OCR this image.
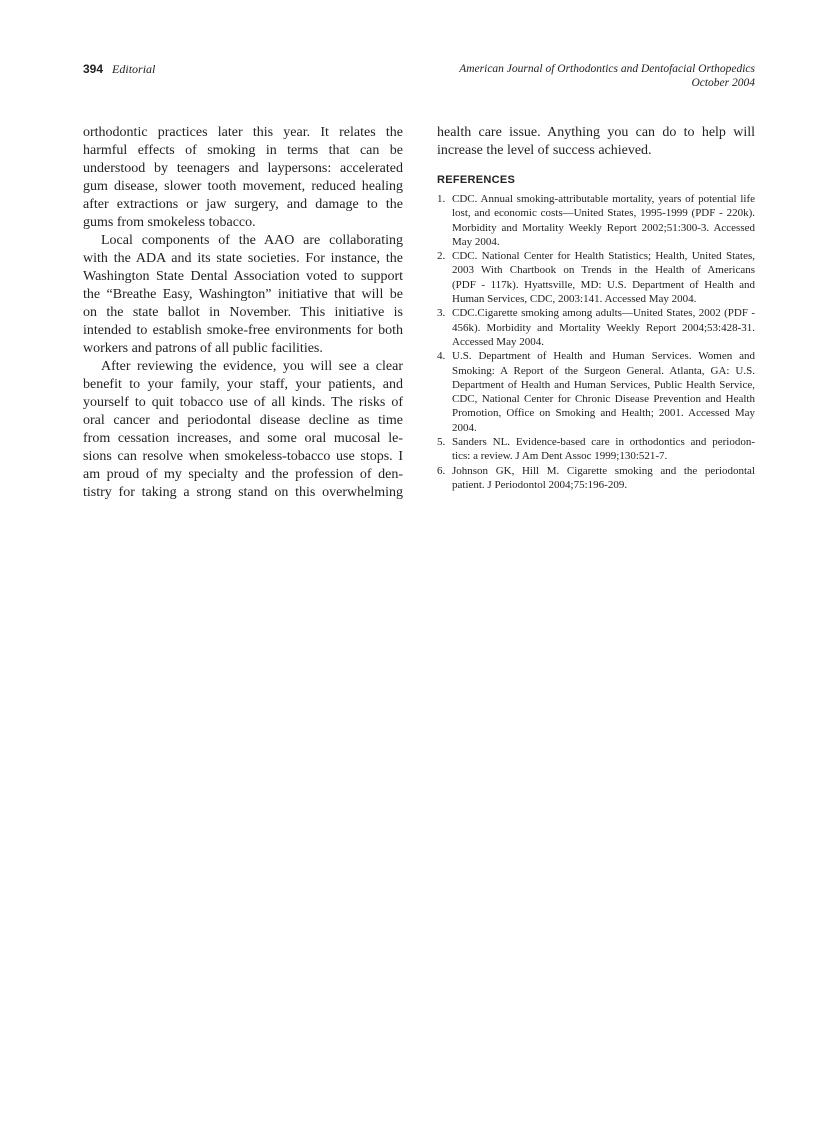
394 Editorial	American Journal of Orthodontics and Dentofacial Orthopedics
October 2004
orthodontic practices later this year. It relates the
harmful effects of smoking in terms that can be
understood by teenagers and laypersons: accelerated
gum disease, slower tooth movement, reduced healing
after extractions or jaw surgery, and damage to the
gums from smokeless tobacco.
Local components of the AAO are collaborating
with the ADA and its state societies. For instance, the
Washington State Dental Association voted to support
the “Breathe Easy, Washington” initiative that will be
on the state ballot in November. This initiative is
intended to establish smoke-free environments for both
workers and patrons of all public facilities.
After reviewing the evidence, you will see a clear
benefit to your family, your staff, your patients, and
yourself to quit tobacco use of all kinds. The risks of
oral cancer and periodontal disease decline as time
from cessation increases, and some oral mucosal le-
sions can resolve when smokeless-tobacco use stops. I
am proud of my specialty and the profession of den-
tistry for taking a strong stand on this overwhelming
health care issue. Anything you can do to help will
increase the level of success achieved.
REFERENCES
1. CDC. Annual smoking-attributable mortality, years of potential life
lost, and economic costs—United States, 1995-1999 (PDF - 220k).
Morbidity and Mortality Weekly Report 2002;51:300-3. Accessed
May 2004.
2. CDC. National Center for Health Statistics; Health, United States,
2003 With Chartbook on Trends in the Health of Americans
(PDF - 117k). Hyattsville, MD: U.S. Department of Health and
Human Services, CDC, 2003:141. Accessed May 2004.
3. CDC.Cigarette smoking among adults—United States, 2002 (PDF -
456k). Morbidity and Mortality Weekly Report 2004;53:428-31.
Accessed May 2004.
4. U.S. Department of Health and Human Services. Women and
Smoking: A Report of the Surgeon General. Atlanta, GA: U.S.
Department of Health and Human Services, Public Health Service,
CDC, National Center for Chronic Disease Prevention and Health
Promotion, Office on Smoking and Health; 2001. Accessed May
2004.
5. Sanders NL. Evidence-based care in orthodontics and periodon-
tics: a review. J Am Dent Assoc 1999;130:521-7.
6. Johnson GK, Hill M. Cigarette smoking and the periodontal
patient. J Periodontol 2004;75:196-209.
